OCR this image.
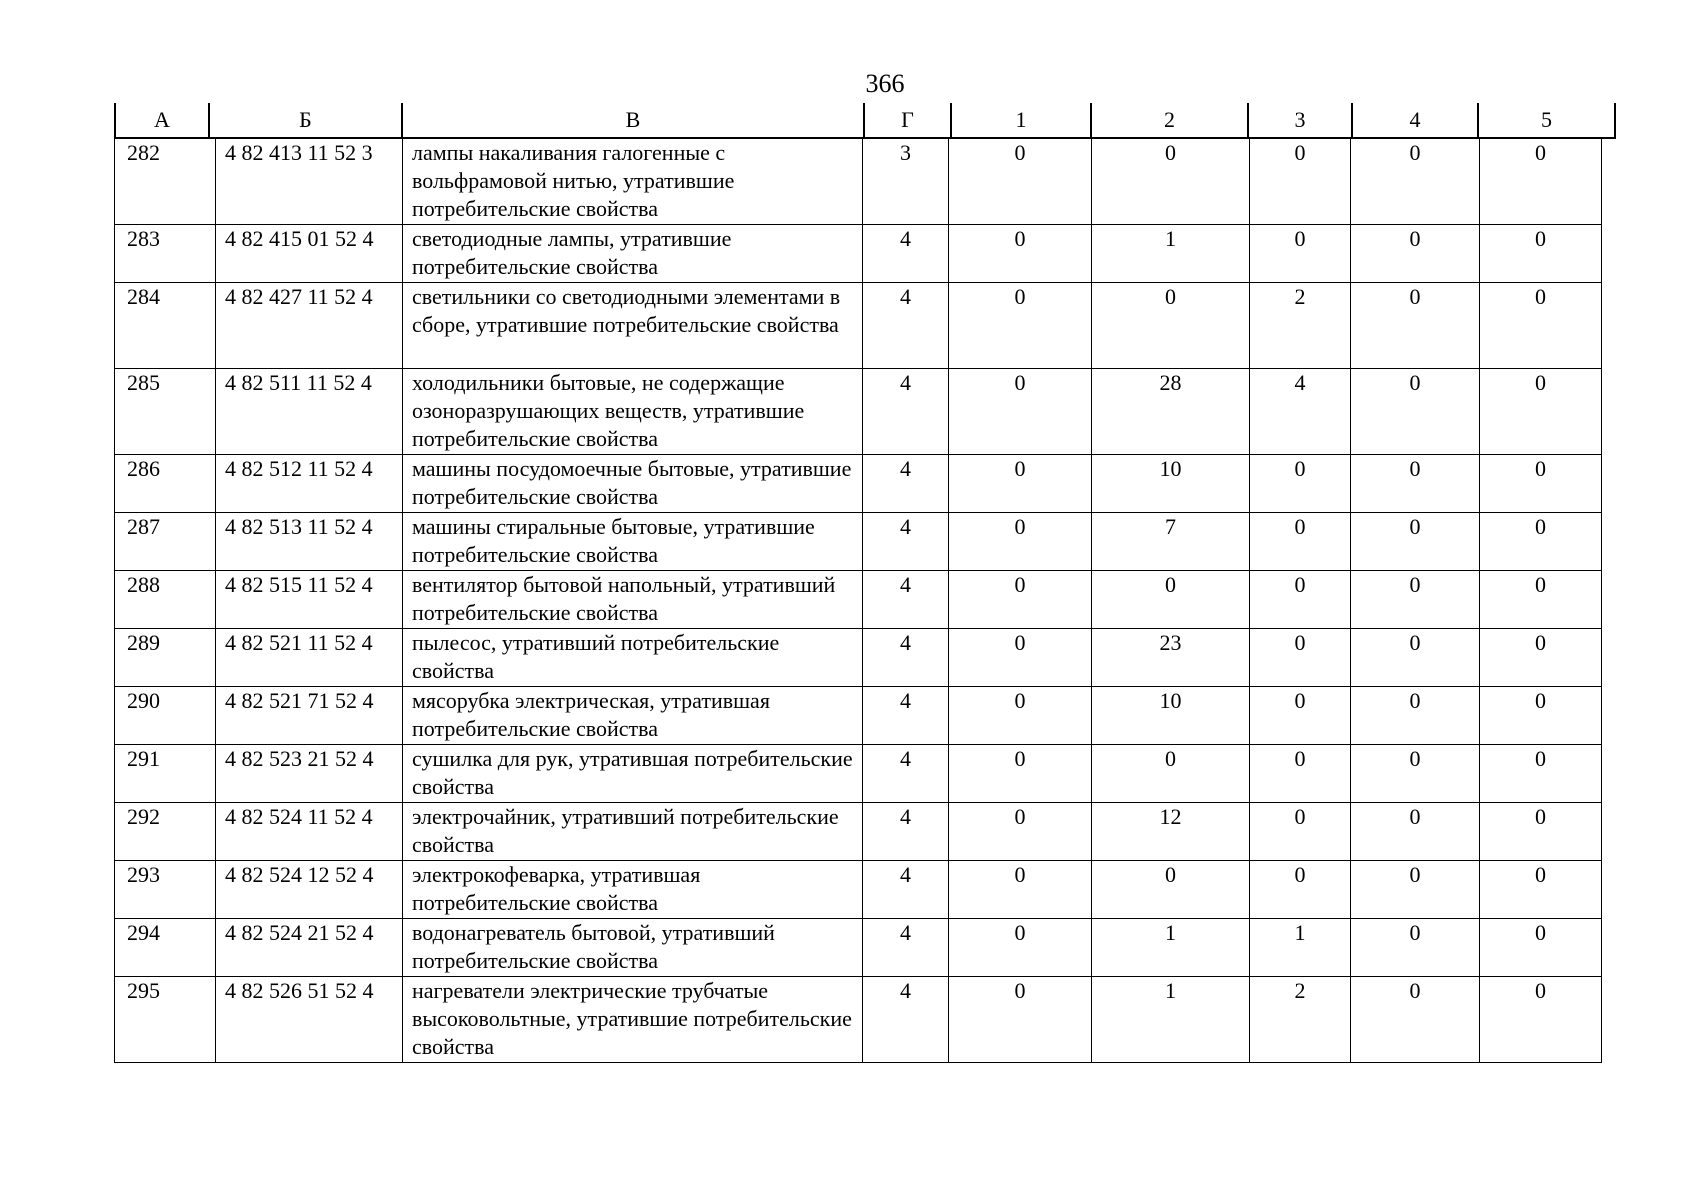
366
А	Б	В	Г	1	2	3	4	5
282	4 82 413 11 52 3	лампы накаливания галогенные с вольфрамовой нитью, утратившие потребительские свойства	3	0	0	0	0	0
283	4 82 415 01 52 4	светодиодные лампы, утратившие потребительские свойства	4	0	1	0	0	0
284	4 82 427 11 52 4	светильники со светодиодными элементами в сборе, утратившие потребительские свойства	4	0	0	2	0	0
285	4 82 511 11 52 4	холодильники бытовые, не содержащие озоноразрушающих веществ, утратившие потребительские свойства	4	0	28	4	0	0
286	4 82 512 11 52 4	машины посудомоечные бытовые, утратившие потребительские свойства	4	0	10	0	0	0
287	4 82 513 11 52 4	машины стиральные бытовые, утратившие потребительские свойства	4	0	7	0	0	0
288	4 82 515 11 52 4	вентилятор бытовой напольный, утративший потребительские свойства	4	0	0	0	0	0
289	4 82 521 11 52 4	пылесос, утративший потребительские свойства	4	0	23	0	0	0
290	4 82 521 71 52 4	мясорубка электрическая, утратившая потребительские свойства	4	0	10	0	0	0
291	4 82 523 21 52 4	сушилка для рук, утратившая потребительские свойства	4	0	0	0	0	0
292	4 82 524 11 52 4	электрочайник, утративший потребительские свойства	4	0	12	0	0	0
293	4 82 524 12 52 4	электрокофеварка, утратившая потребительские свойства	4	0	0	0	0	0
294	4 82 524 21 52 4	водонагреватель бытовой, утративший потребительские свойства	4	0	1	1	0	0
295	4 82 526 51 52 4	нагреватели электрические трубчатые высоковольтные, утратившие потребительские свойства	4	0	1	2	0	0
